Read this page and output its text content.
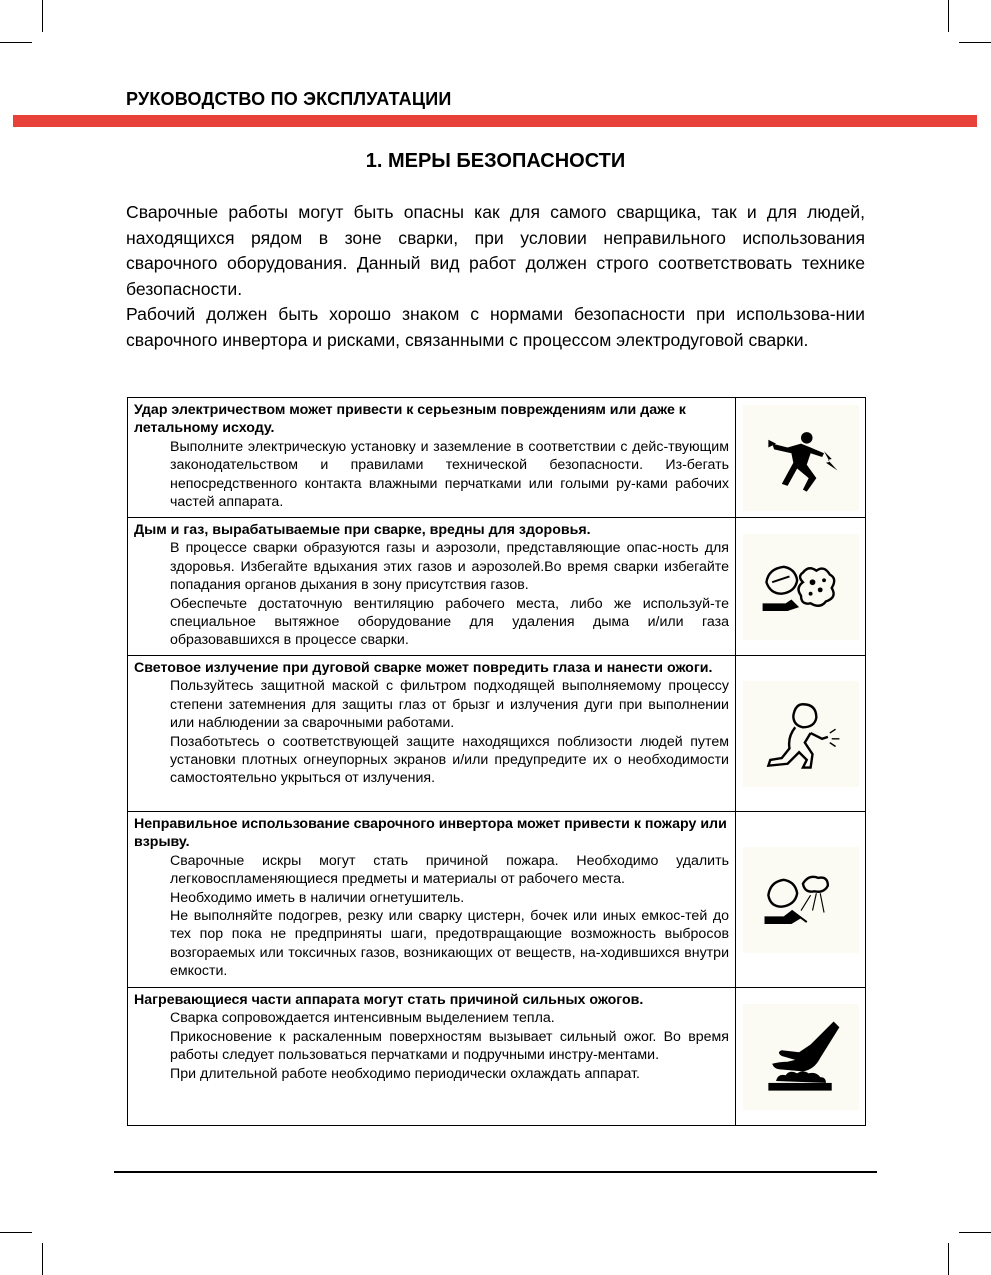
РУКОВОДСТВО ПО ЭКСПЛУАТАЦИИ
1. МЕРЫ БЕЗОПАСНОСТИ

Сварочные работы могут быть опасны как для самого сварщика, так и для людей, находящихся рядом в зоне сварки, при условии неправильного использования сварочного оборудования. Данный вид работ должен строго соответствовать технике безопасности.

Рабочий должен быть хорошо знаком с нормами безопасности при использова-нии сварочного инвертора и рисками, связанными с процессом электродуговой сварки.

Удар электричеством может привести к серьезным повреждениям или даже к летальному исходу.

Выполните электрическую установку и заземление в соответствии с дейс-твующим законодательством и правилами технической безопасности. Из-бегать непосредственного контакта влажными перчатками или голыми ру-ками рабочих частей аппарата.

Дым и газ, вырабатываемые при сварке, вредны для здоровья.

В процессе сварки образуются газы и аэрозоли, представляющие опас-ность для здоровья. Избегайте вдыхания этих газов и аэрозолей.Во время сварки избегайте попадания органов дыхания в зону присутствия газов.

Обеспечьте достаточную вентиляцию рабочего места, либо же используй-те специальное вытяжное оборудование для удаления дыма и/или газа образовавшихся в процессе сварки.

Световое излучение при дуговой сварке может повредить глаза и нанести ожоги.

Пользуйтесь защитной маской с фильтром подходящей выполняемому процессу степени затемнения для защиты глаз от брызг и излучения дуги при выполнении или наблюдении за сварочными работами.

Позаботьтесь о соответствующей защите находящихся поблизости людей путем установки плотных огнеупорных экранов и/или предупредите их о необходимости самостоятельно укрыться от излучения.

Неправильное использование сварочного инвертора может привести к пожару или взрыву.

Сварочные искры могут стать причиной пожара. Необходимо удалить легковоспламеняющиеся предметы и материалы от рабочего места.

Необходимо иметь в наличии огнетушитель.

Не выполняйте подогрев, резку или сварку цистерн, бочек или иных емкос-тей до тех пор пока не предприняты шаги, предотвращающие возможность выбросов возгораемых или токсичных газов, возникающих от веществ, на-ходившихся внутри емкости.

Нагревающиеся части аппарата могут стать причиной сильных ожогов.

Сварка сопровождается интенсивным выделением тепла.

Прикосновение к раскаленным поверхностям вызывает сильный ожог. Во время работы следует пользоваться перчатками и подручными инстру-ментами.

При длительной работе необходимо периодически охлаждать аппарат.
